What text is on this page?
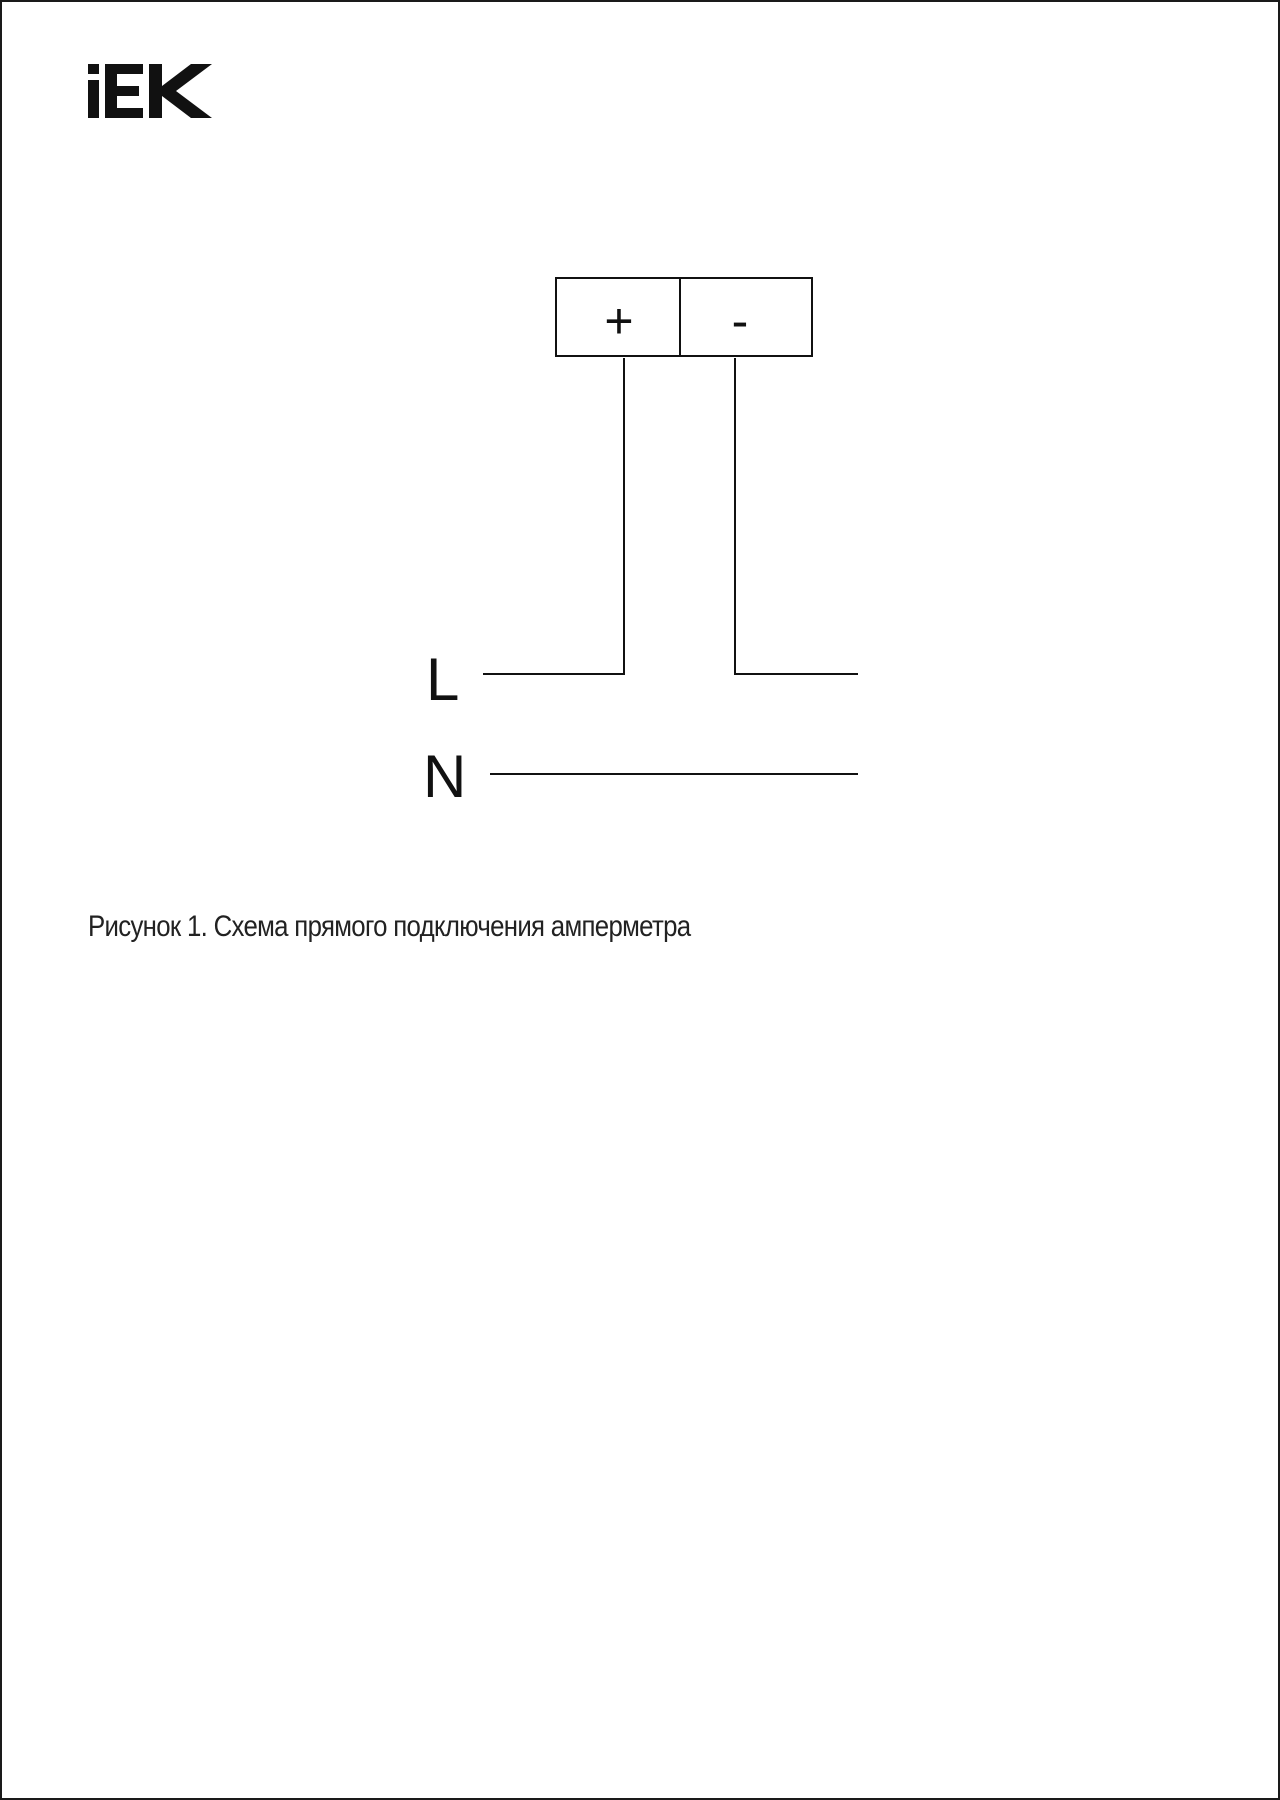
+ -
L
N
Рисунок 1. Схема прямого подключения амперметра
